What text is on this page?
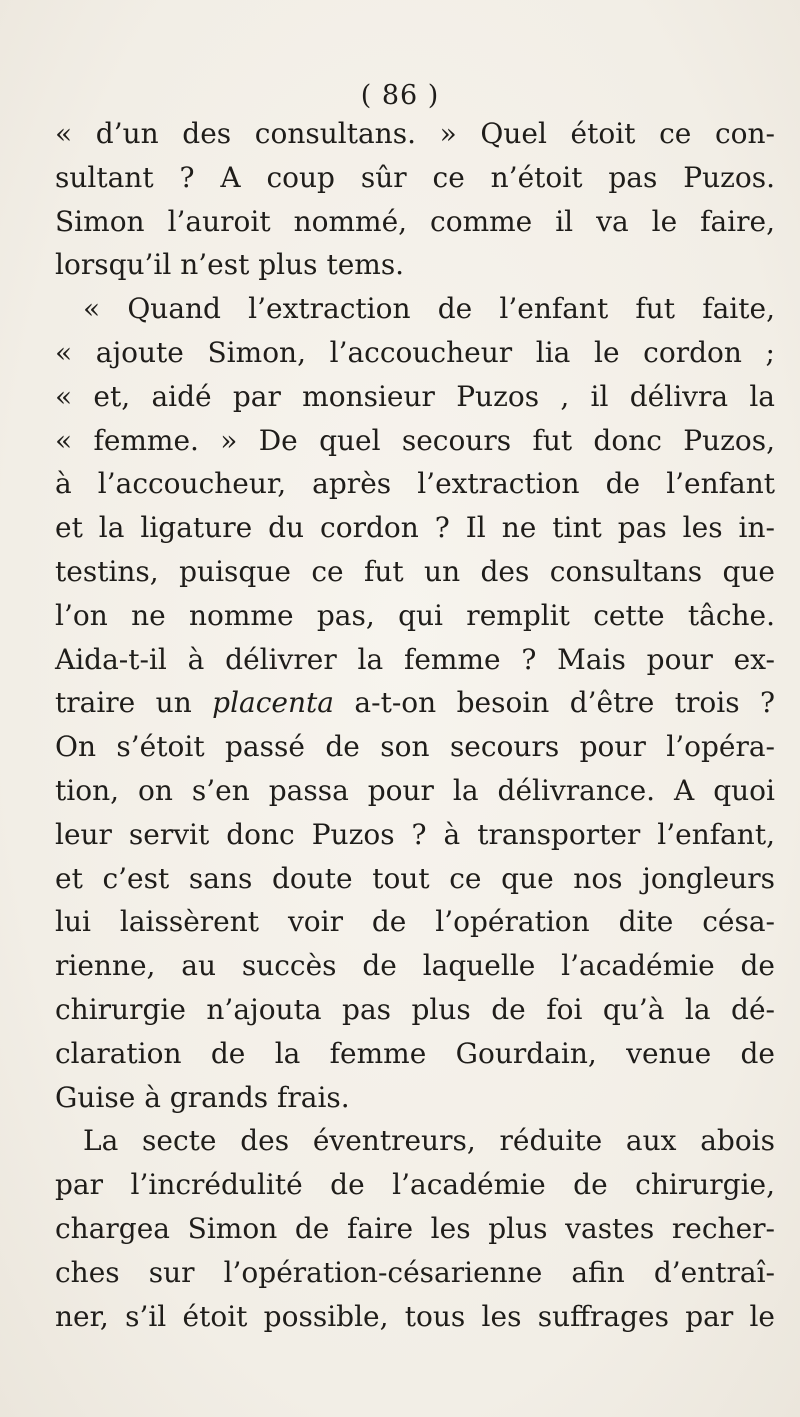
( 86 )
« d’un des consultans. » Quel étoit ce con-
sultant ? A coup sûr ce n’étoit pas Puzos.
Simon l’auroit nommé, comme il va le faire,
lorsqu’il n’est plus tems.
« Quand l’extraction de l’enfant fut faite,
« ajoute Simon, l’accoucheur lia le cordon ;
« et, aidé par monsieur Puzos , il délivra la
« femme. » De quel secours fut donc Puzos,
à l’accoucheur, après l’extraction de l’enfant
et la ligature du cordon ? Il ne tint pas les in-
testins, puisque ce fut un des consultans que
l’on ne nomme pas, qui remplit cette tâche.
Aida-t-il à délivrer la femme ? Mais pour ex-
traire un placenta a-t-on besoin d’être trois ?
On s’étoit passé de son secours pour l’opéra-
tion, on s’en passa pour la délivrance. A quoi
leur servit donc Puzos ? à transporter l’enfant,
et c’est sans doute tout ce que nos jongleurs
lui laissèrent voir de l’opération dite césa-
rienne, au succès de laquelle l’académie de
chirurgie n’ajouta pas plus de foi qu’à la dé-
claration de la femme Gourdain, venue de
Guise à grands frais.
La secte des éventreurs, réduite aux abois
par l’incrédulité de l’académie de chirurgie,
chargea Simon de faire les plus vastes recher-
ches sur l’opération-césarienne afin d’entraî-
ner, s’il étoit possible, tous les suffrages par le
